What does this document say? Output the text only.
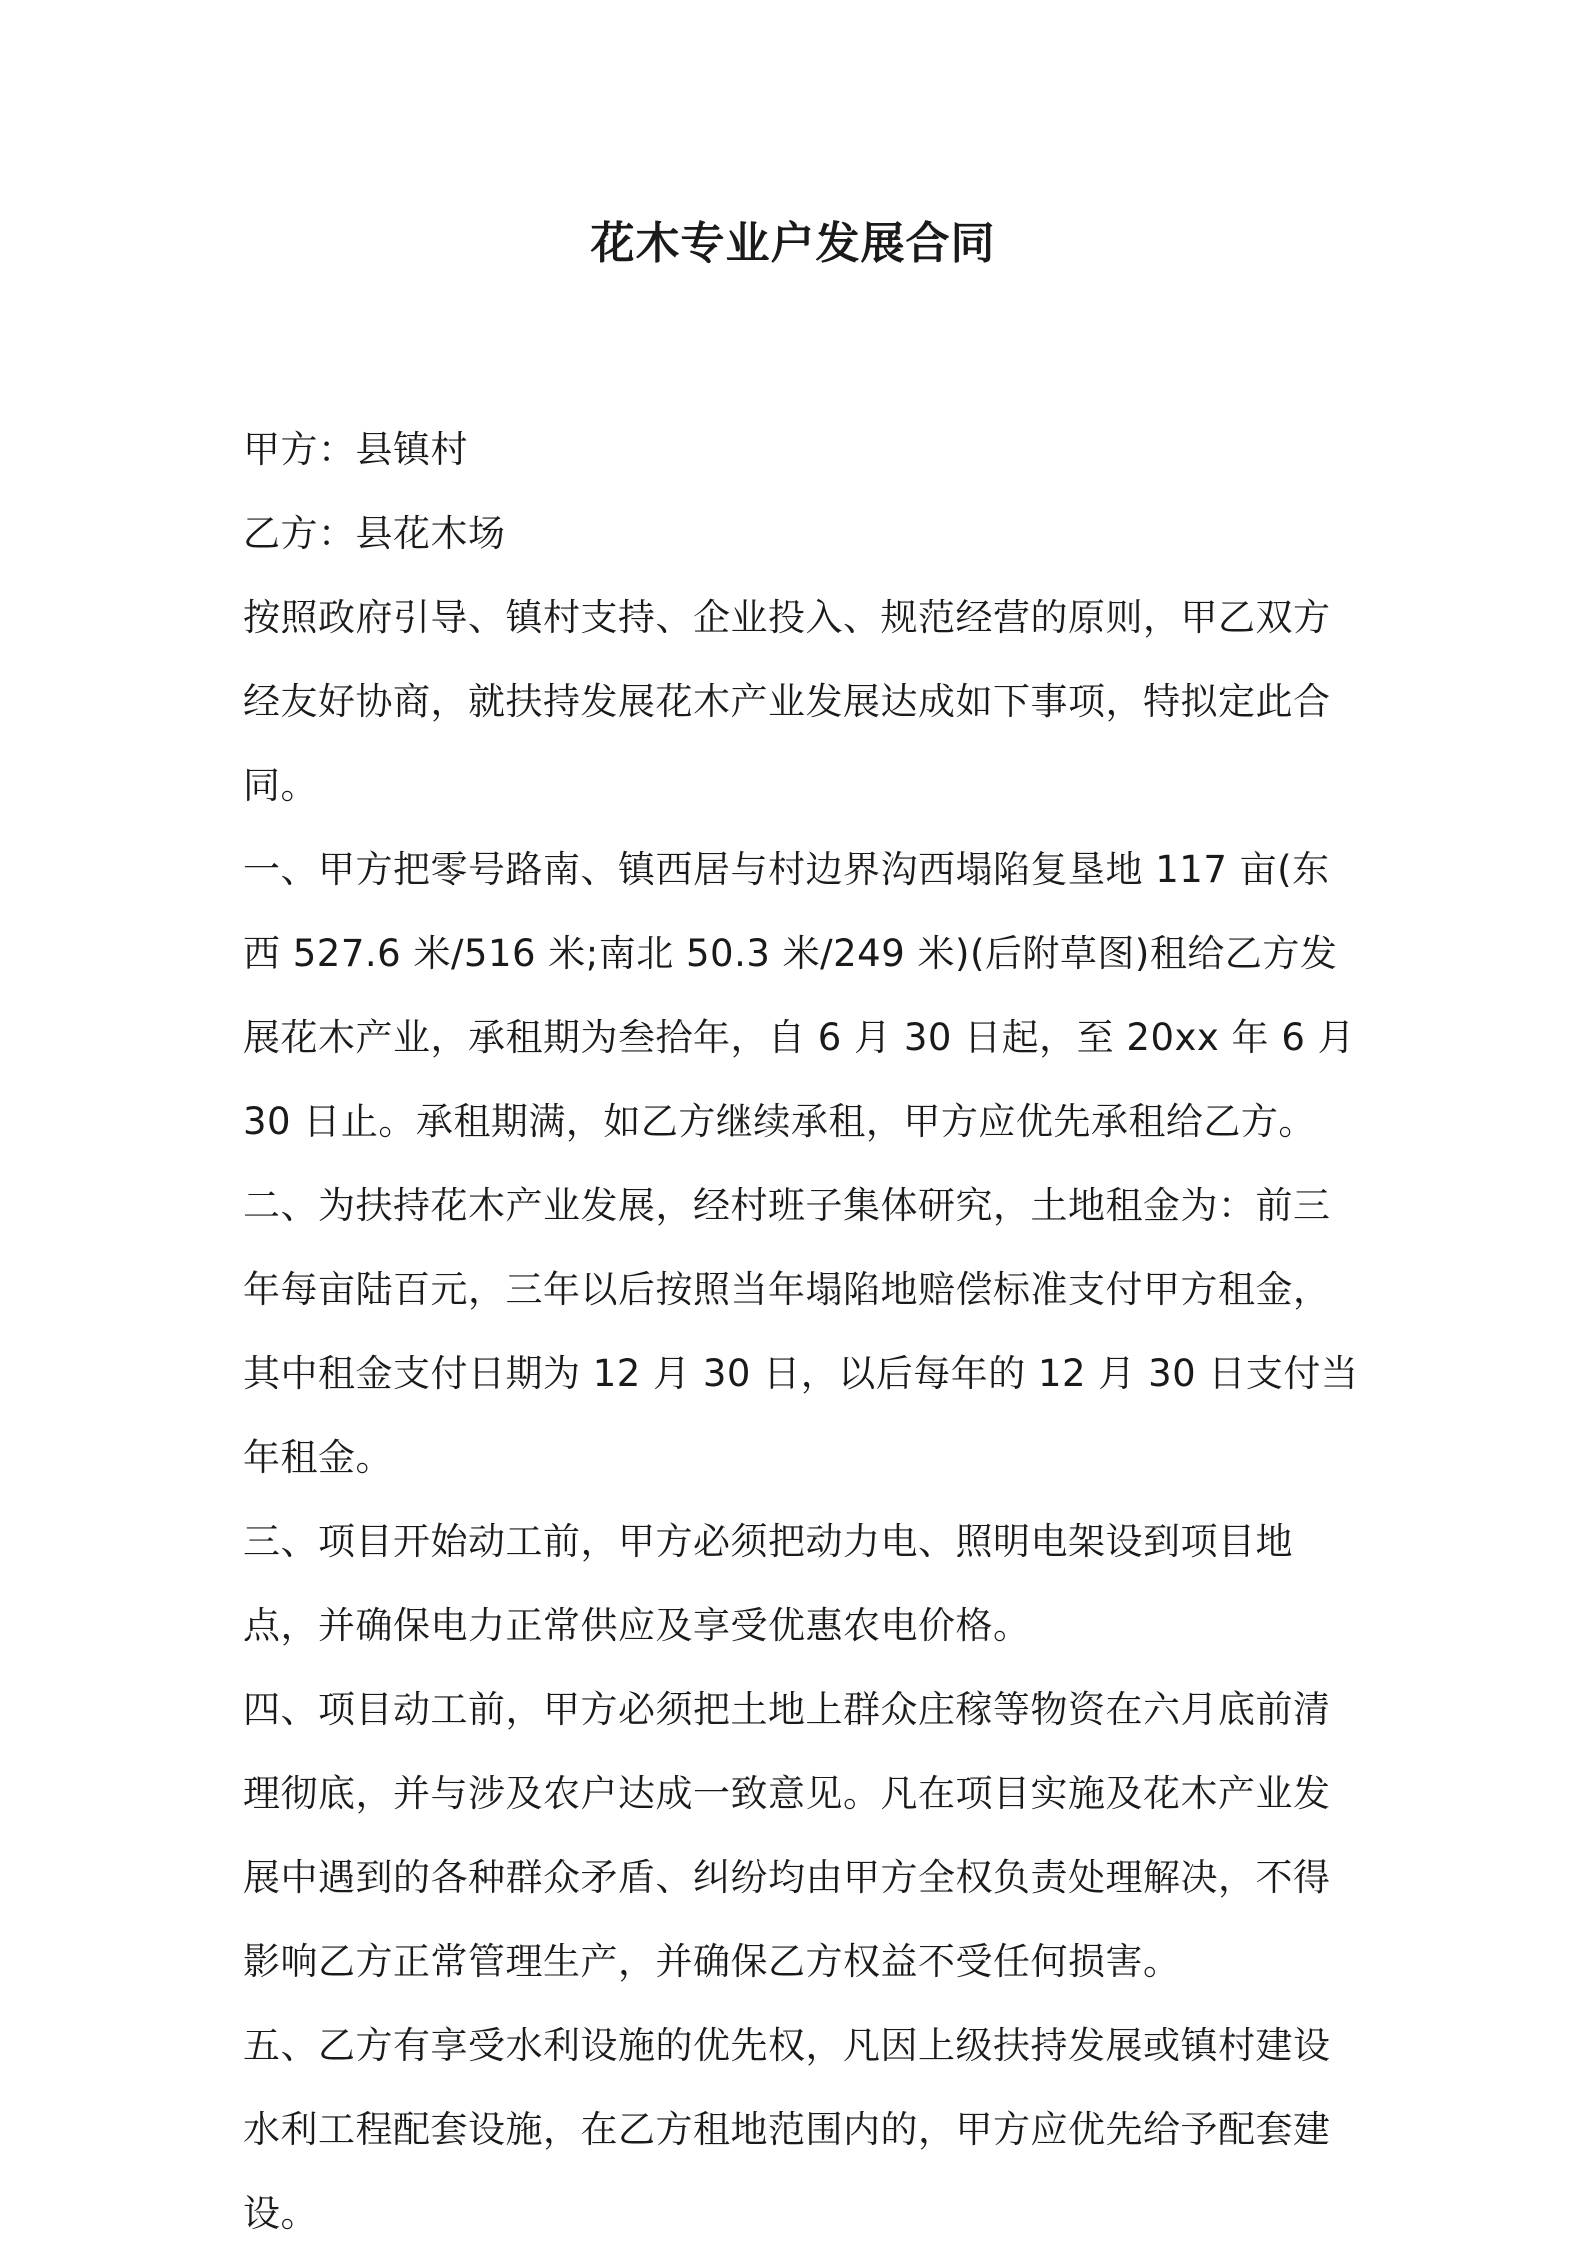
花木专业户发展合同

甲方：县镇村

乙方：县花木场

按照政府引导、镇村支持、企业投入、规范经营的原则，甲乙双方经友好协商，就扶持发展花木产业发展达成如下事项，特拟定此合同。

一、甲方把零号路南、镇西居与村边界沟西塌陷复垦地 117 亩(东西 527.6 米/516 米;南北 50.3 米/249 米)(后附草图)租给乙方发展花木产业，承租期为叁拾年，自 6 月 30 日起，至 20xx 年 6 月 30 日止。承租期满，如乙方继续承租，甲方应优先承租给乙方。

二、为扶持花木产业发展，经村班子集体研究，土地租金为：前三年每亩陆百元，三年以后按照当年塌陷地赔偿标准支付甲方租金，其中租金支付日期为 12 月 30 日，以后每年的 12 月 30 日支付当年租金。

三、项目开始动工前，甲方必须把动力电、照明电架设到项目地点，并确保电力正常供应及享受优惠农电价格。

四、项目动工前，甲方必须把土地上群众庄稼等物资在六月底前清理彻底，并与涉及农户达成一致意见。凡在项目实施及花木产业发展中遇到的各种群众矛盾、纠纷均由甲方全权负责处理解决，不得影响乙方正常管理生产，并确保乙方权益不受任何损害。

五、乙方有享受水利设施的优先权，凡因上级扶持发展或镇村建设水利工程配套设施，在乙方租地范围内的，甲方应优先给予配套建设。
